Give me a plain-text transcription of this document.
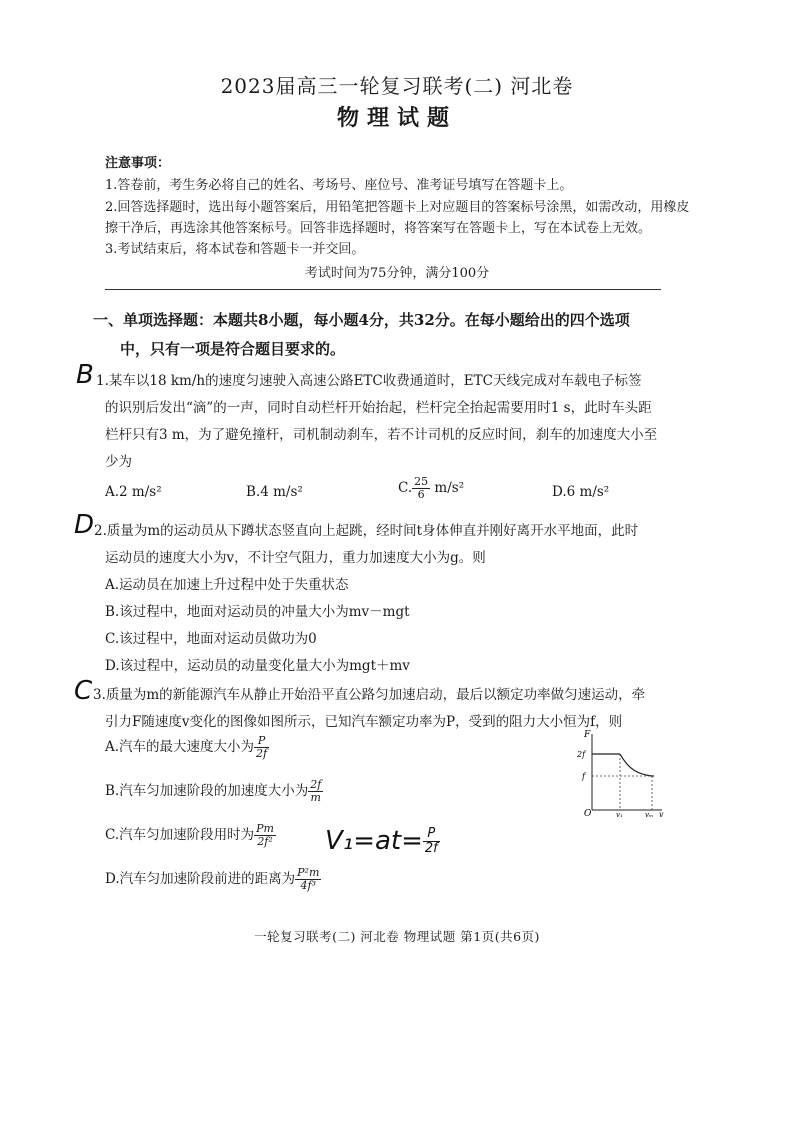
2023届高三一轮复习联考(二) 河北卷
物理试题
注意事项：
1.答卷前，考生务必将自己的姓名、考场号、座位号、准考证号填写在答题卡上。
2.回答选择题时，选出每小题答案后，用铅笔把答题卡上对应题目的答案标号涂黑，如需改动，用橡皮
擦干净后，再选涂其他答案标号。回答非选择题时，将答案写在答题卡上，写在本试卷上无效。
3.考试结束后，将本试卷和答题卡一并交回。
考试时间为75分钟，满分100分
一、单项选择题：本题共8小题，每小题4分，共32分。在每小题给出的四个选项
中，只有一项是符合题目要求的。
B 1.某车以18 km/h的速度匀速驶入高速公路ETC收费通道时，ETC天线完成对车载电子标签
的识别后发出“滴”的一声，同时自动栏杆开始抬起，栏杆完全抬起需要用时1 s，此时车头距
栏杆只有3 m，为了避免撞杆，司机制动刹车，若不计司机的反应时间，刹车的加速度大小至
少为
A.2 m/s²	B.4 m/s²	C. $\frac{25}{6} m/s^2$	D.6 m/s²
D 2.质量为m的运动员从下蹲状态竖直向上起跳，经时间t身体伸直并刚好离开水平地面，此时
运动员的速度大小为v，不计空气阻力，重力加速度大小为g。则
A.运动员在加速上升过程中处于失重状态
B.该过程中，地面对运动员的冲量大小为mv－mgt
C.该过程中，地面对运动员做功为0
D.该过程中，运动员的动量变化量大小为mgt＋mv
C 3.质量为m的新能源汽车从静止开始沿平直公路匀加速启动，最后以额定功率做匀速运动，牵
引力F随速度v变化的图像如图所示，已知汽车额定功率为P，受到的阻力大小恒为f，则
A.汽车的最大速度大小为 $\frac{P}{2f}$
B.汽车匀加速阶段的加速度大小为 $\frac{2f}{m}$
C.汽车匀加速阶段用时为 $\frac{Pm}{\text{2f²}}$
D.汽车匀加速阶段前进的距离为 $\frac{\text{P²m}}{\text{4f³}}$
$V_1=at= \frac{P}{2f}$
F
2f
f
O	v₁	vₘ v
一轮复习联考(二) 河北卷 物理试题 第1页(共6页)
